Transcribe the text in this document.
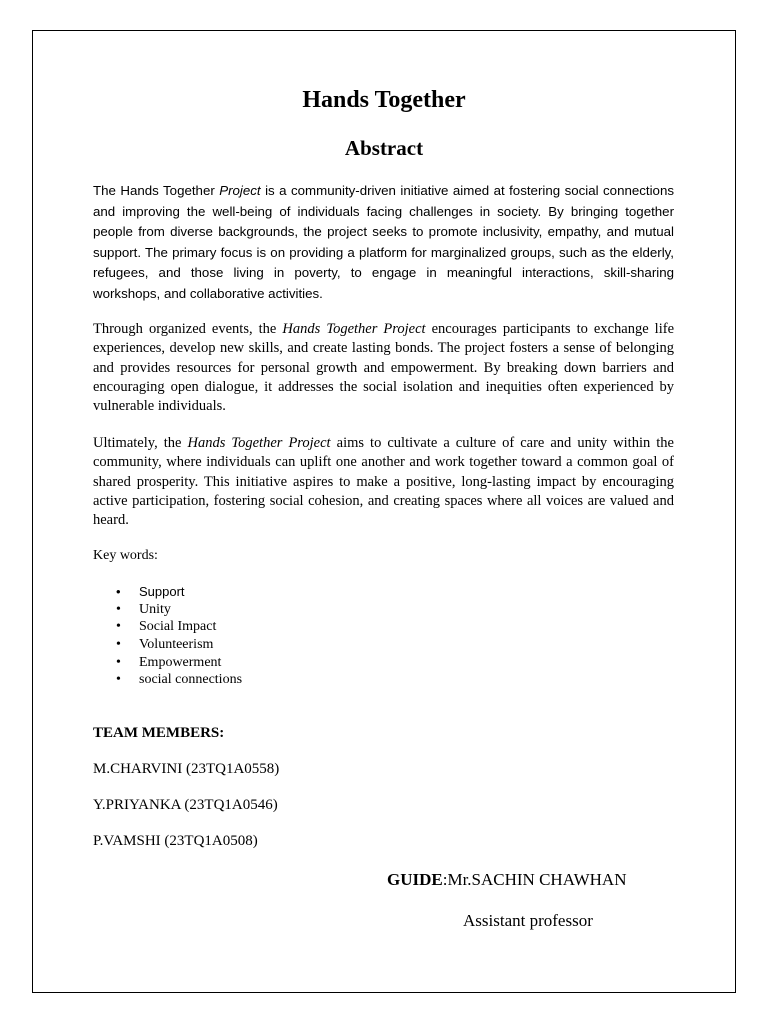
Hands Together
Abstract

The Hands Together Project is a community-driven initiative aimed at fostering social connections and improving the well-being of individuals facing challenges in society. By bringing together people from diverse backgrounds, the project seeks to promote inclusivity, empathy, and mutual support. The primary focus is on providing a platform for marginalized groups, such as the elderly, refugees, and those living in poverty, to engage in meaningful interactions, skill-sharing workshops, and collaborative activities.

Through organized events, the Hands Together Project encourages participants to exchange life experiences, develop new skills, and create lasting bonds. The project fosters a sense of belonging and provides resources for personal growth and empowerment. By breaking down barriers and encouraging open dialogue, it addresses the social isolation and inequities often experienced by vulnerable individuals.

Ultimately, the Hands Together Project aims to cultivate a culture of care and unity within the community, where individuals can uplift one another and work together toward a common goal of shared prosperity. This initiative aspires to make a positive, long-lasting impact by encouraging active participation, fostering social cohesion, and creating spaces where all voices are valued and heard.

Key words:
• Support
• Unity
• Social Impact
• Volunteerism
• Empowerment
• social connections
TEAM MEMBERS:
M.CHARVINI (23TQ1A0558)
Y.PRIYANKA (23TQ1A0546)
P.VAMSHI (23TQ1A0508)
GUIDE:Mr.SACHIN CHAWHAN
Assistant professor
